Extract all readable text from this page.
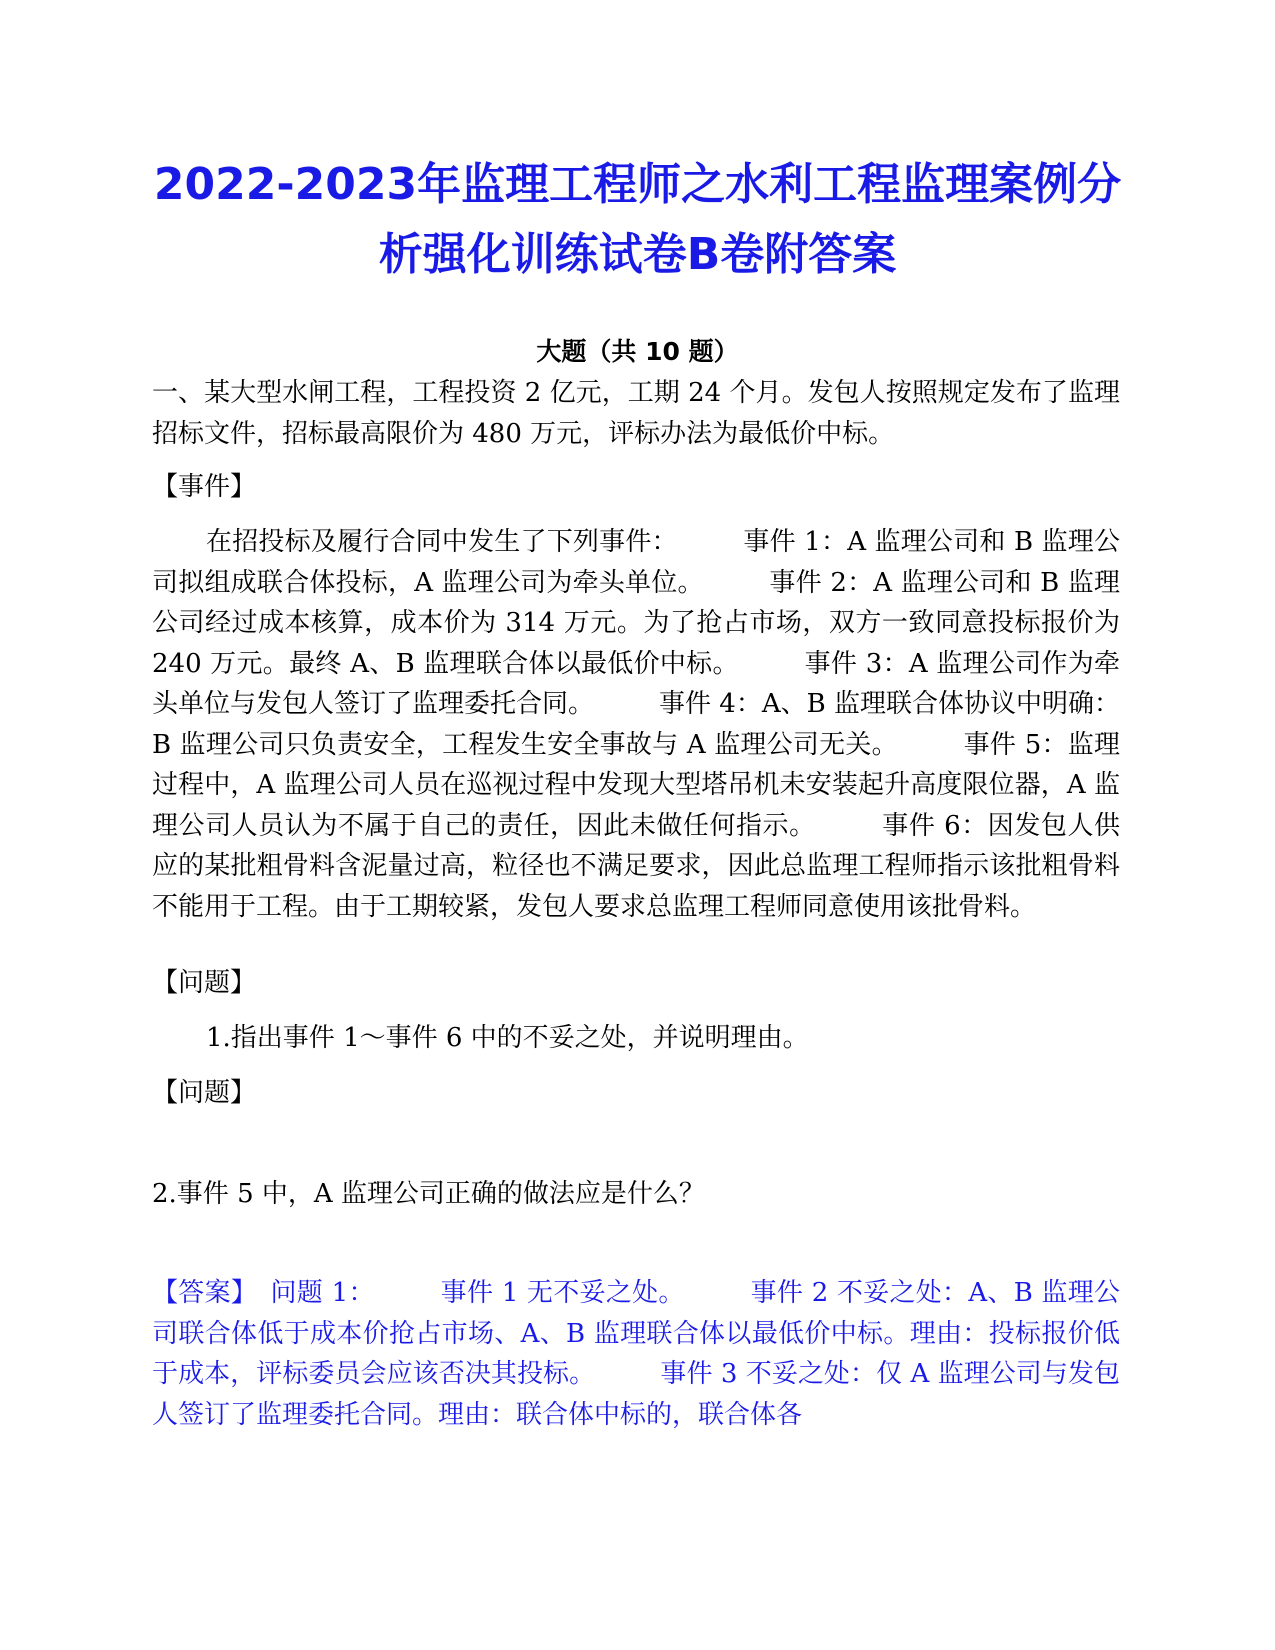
2022-2023年监理工程师之水利工程监理案例分析强化训练试卷B卷附答案
大题（共 10 题）

一、某大型水闸工程，工程投资 2 亿元，工期 24 个月。发包人按照规定发布了监理招标文件，招标最高限价为 480 万元，评标办法为最低价中标。

【事件】

在招投标及履行合同中发生了下列事件：　　　事件 1：A 监理公司和 B 监理公司拟组成联合体投标，A 监理公司为牵头单位。　　　事件 2：A 监理公司和 B 监理公司经过成本核算，成本价为 314 万元。为了抢占市场，双方一致同意投标报价为 240 万元。最终 A、B 监理联合体以最低价中标。　　　事件 3：A 监理公司作为牵头单位与发包人签订了监理委托合同。　　　事件 4：A、B 监理联合体协议中明确：B 监理公司只负责安全，工程发生安全事故与 A 监理公司无关。　　　事件 5：监理过程中，A 监理公司人员在巡视过程中发现大型塔吊机未安装起升高度限位器，A 监理公司人员认为不属于自己的责任，因此未做任何指示。　　　事件 6：因发包人供应的某批粗骨料含泥量过高，粒径也不满足要求，因此总监理工程师指示该批粗骨料不能用于工程。由于工期较紧，发包人要求总监理工程师同意使用该批骨料。

【问题】

1.指出事件 1～事件 6 中的不妥之处，并说明理由。

【问题】

2.事件 5 中，A 监理公司正确的做法应是什么？

【答案】　问题 1：　　　事件 1 无不妥之处。　　　事件 2 不妥之处：A、B 监理公司联合体低于成本价抢占市场、A、B 监理联合体以最低价中标。理由：投标报价低于成本，评标委员会应该否决其投标。　　　事件 3 不妥之处：仅 A 监理公司与发包人签订了监理委托合同。理由：联合体中标的，联合体各
